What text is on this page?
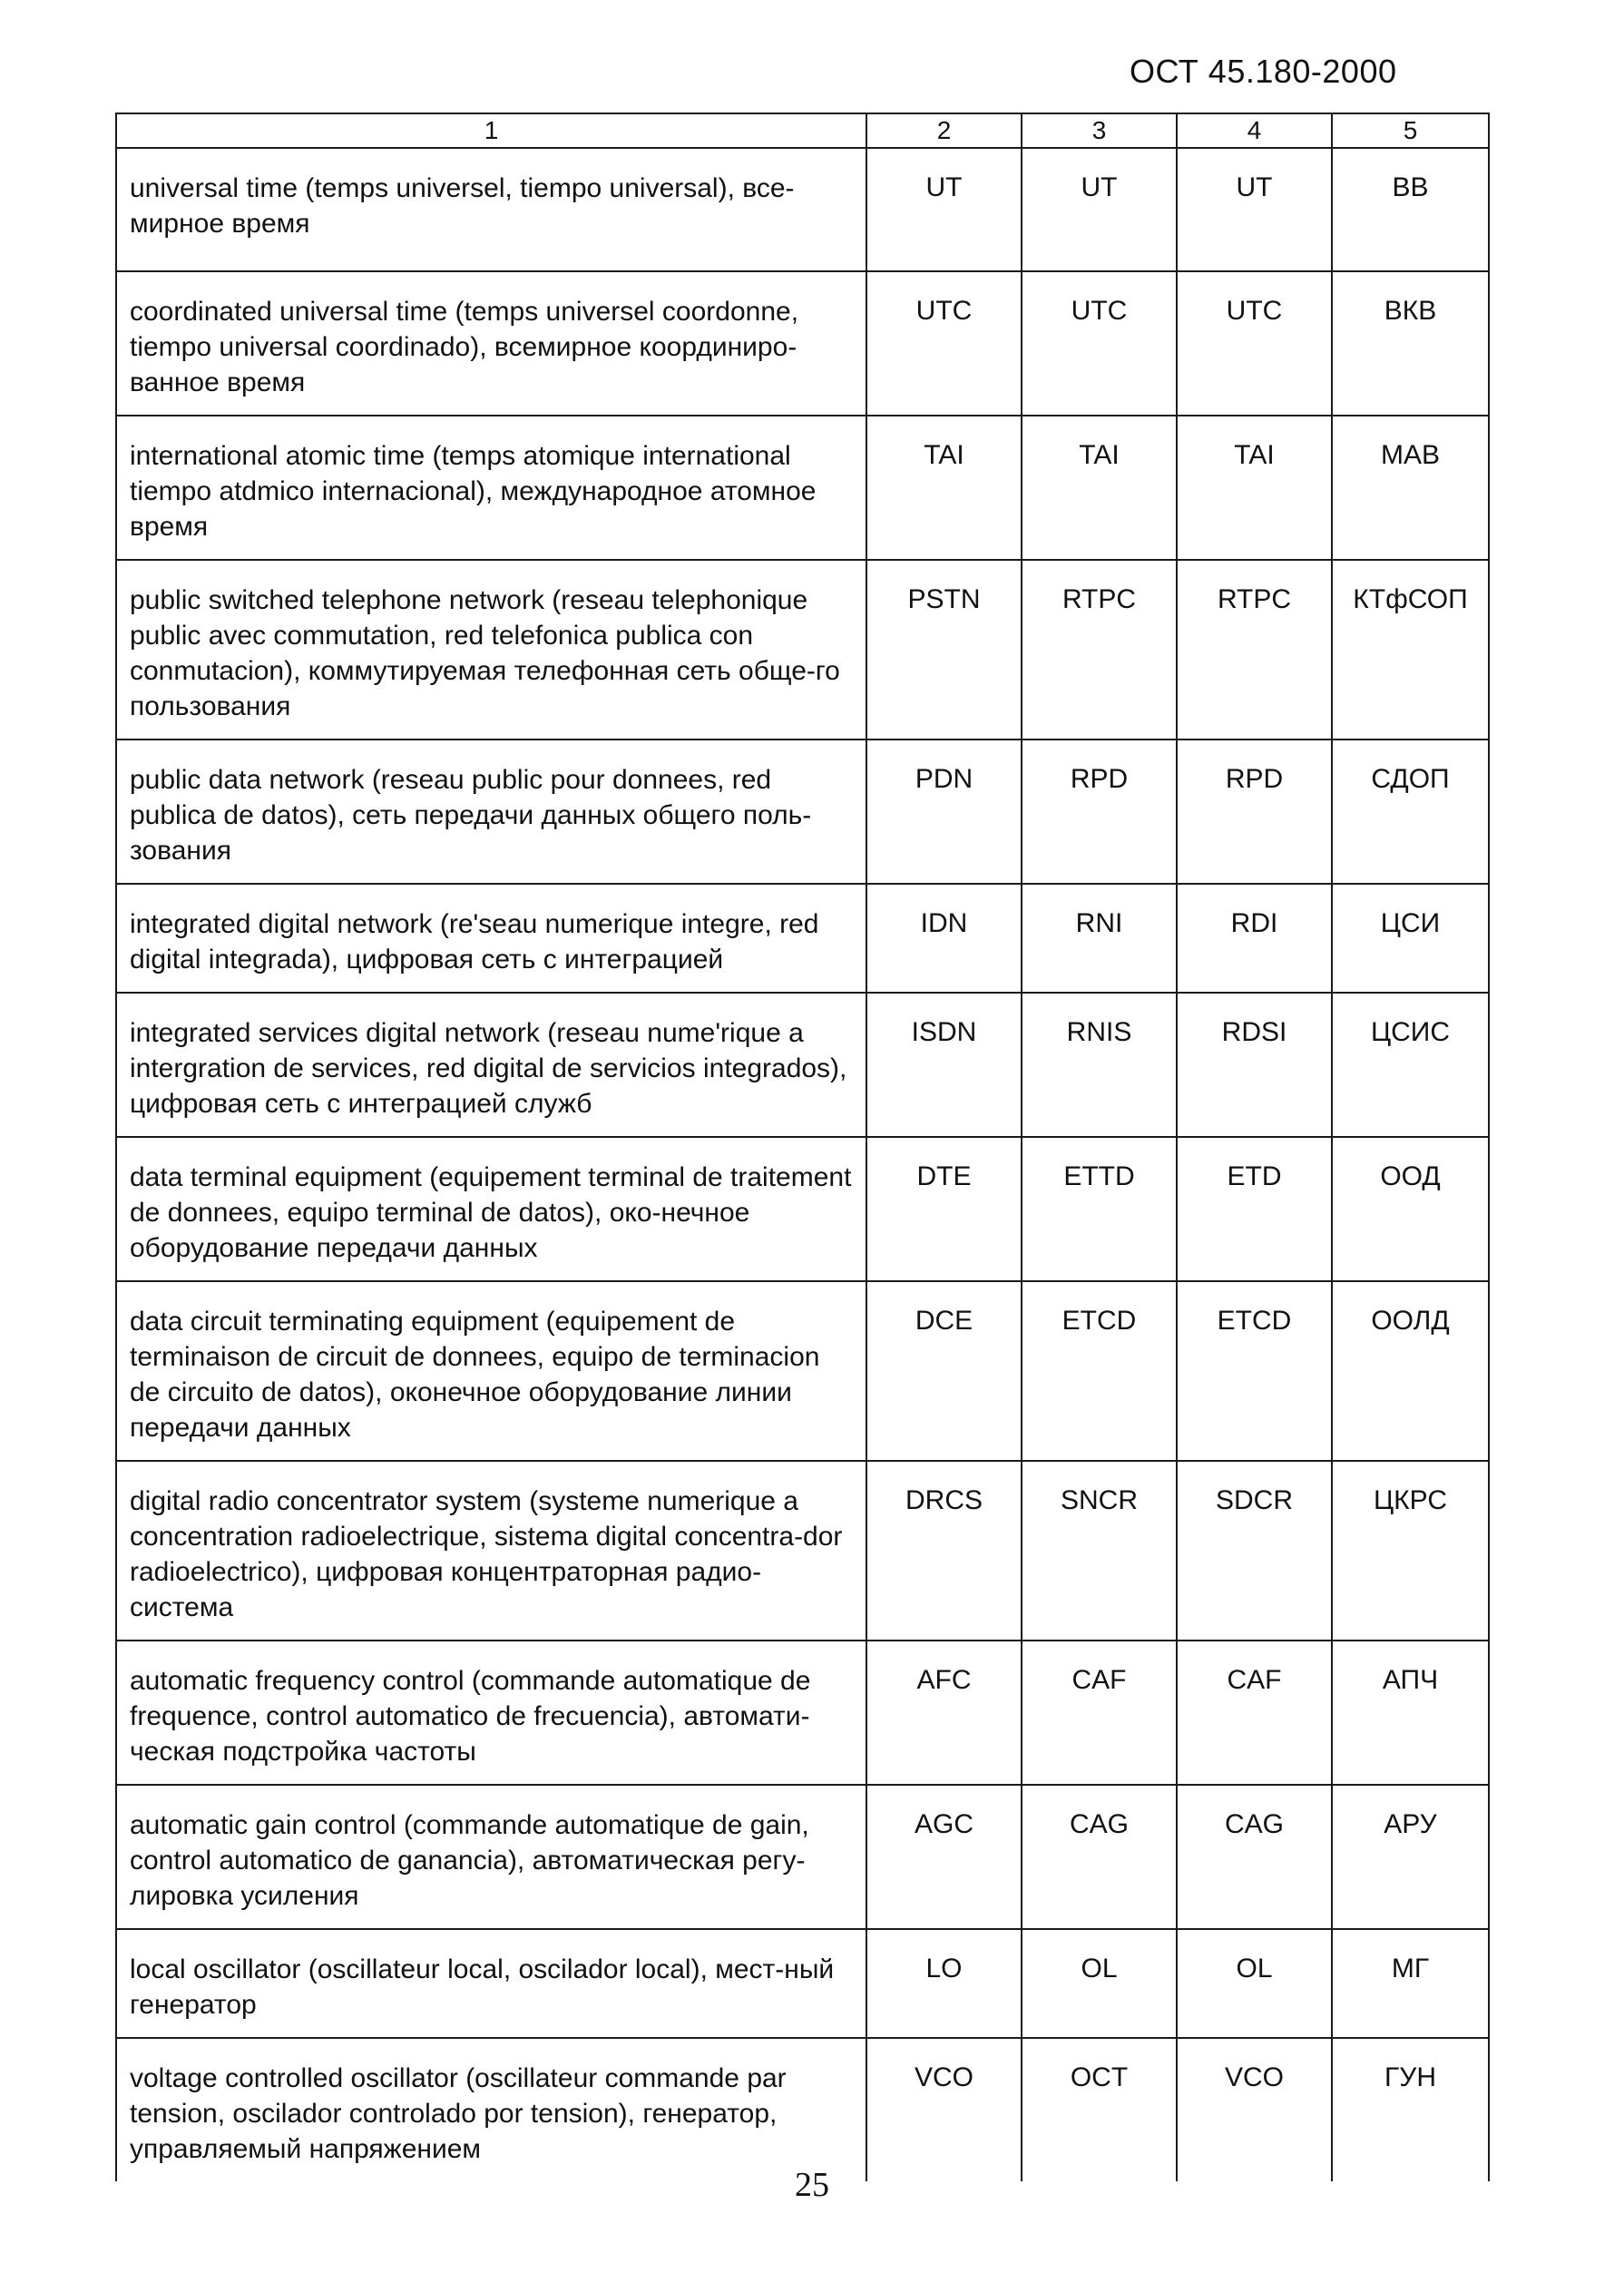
ОСТ 45.180-2000
1	2	3	4	5
universal time (temps universel, tiempo universal), все-мирное время	UT	UT	UT	ВВ
coordinated universal time (temps universel coordonne, tiempo universal coordinado), всемирное координиро-ванное время	UTC	UTC	UTC	ВКВ
international atomic time (temps atomique international tiempo atdmico internacional), международное атомное время	TAI	TAI	TAI	МАВ
public switched telephone network (reseau telephonique public avec commutation, red telefonica publica con conmutacion), коммутируемая телефонная сеть обще-го пользования	PSTN	RTPC	RTPC	КТфСОП
public data network (reseau public pour donnees, red publica de datos), сеть передачи данных общего поль-зования	PDN	RPD	RPD	СДОП
integrated digital network (re'seau numerique integre, red digital integrada), цифровая сеть с интеграцией	IDN	RNI	RDI	ЦСИ
integrated services digital network (reseau nume'rique a intergration de services, red digital de servicios integrados), цифровая сеть с интеграцией служб	ISDN	RNIS	RDSI	ЦСИС
data terminal equipment (equipement terminal de traitement de donnees, equipo terminal de datos), око-нечное оборудование передачи данных	DTE	ETTD	ETD	ООД
data circuit terminating equipment (equipement de terminaison de circuit de donnees, equipo de terminacion de circuito de datos), оконечное оборудование линии передачи данных	DCE	ETCD	ETCD	ООЛД
digital radio concentrator system (systeme numerique a concentration radioelectrique, sistema digital concentra-dor radioelectrico), цифровая концентраторная радио-система	DRCS	SNCR	SDCR	ЦКРС
automatic frequency control (commande automatique de frequence, control automatico de frecuencia), автомати-ческая подстройка частоты	AFC	CAF	CAF	АПЧ
automatic gain control (commande automatique de gain, control automatico de ganancia), автоматическая регу-лировка усиления	AGC	CAG	CAG	АРУ
local oscillator (oscillateur local, oscilador local), мест-ный генератор	LO	OL	OL	МГ
voltage controlled oscillator (oscillateur commande par tension, oscilador controlado por tension), генератор, управляемый напряжением	VCO	OCT	VCO	ГУН
25
